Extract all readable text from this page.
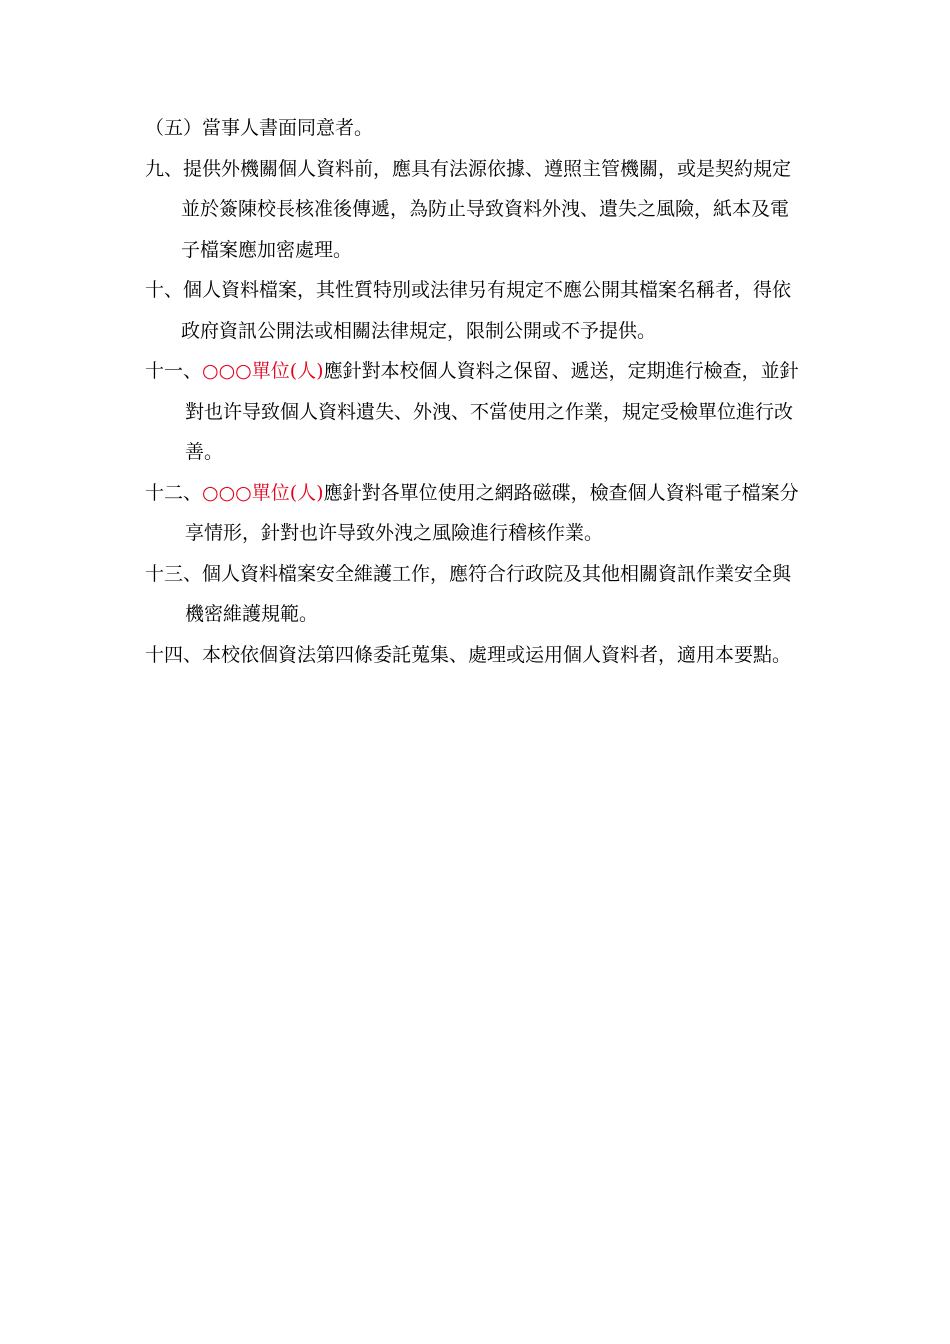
（五）當事人書面同意者。

九、提供外機關個人資料前，應具有法源依據、遵照主管機關，或是契約規定並於簽陳校長核准後傳遞，為防止导致資料外洩、遺失之風險，紙本及電子檔案應加密處理。

十、個人資料檔案，其性質特別或法律另有規定不應公開其檔案名稱者，得依政府資訊公開法或相關法律規定，限制公開或不予提供。

十一、○○○單位(人)應針對本校個人資料之保留、遞送，定期進行檢查，並針對也许导致個人資料遺失、外洩、不當使用之作業，規定受檢單位進行改善。

十二、○○○單位(人)應針對各單位使用之網路磁碟，檢查個人資料電子檔案分享情形，針對也许导致外洩之風險進行稽核作業。

十三、個人資料檔案安全維護工作，應符合行政院及其他相關資訊作業安全與機密維護規範。

十四、本校依個資法第四條委託蒐集、處理或运用個人資料者，適用本要點。
